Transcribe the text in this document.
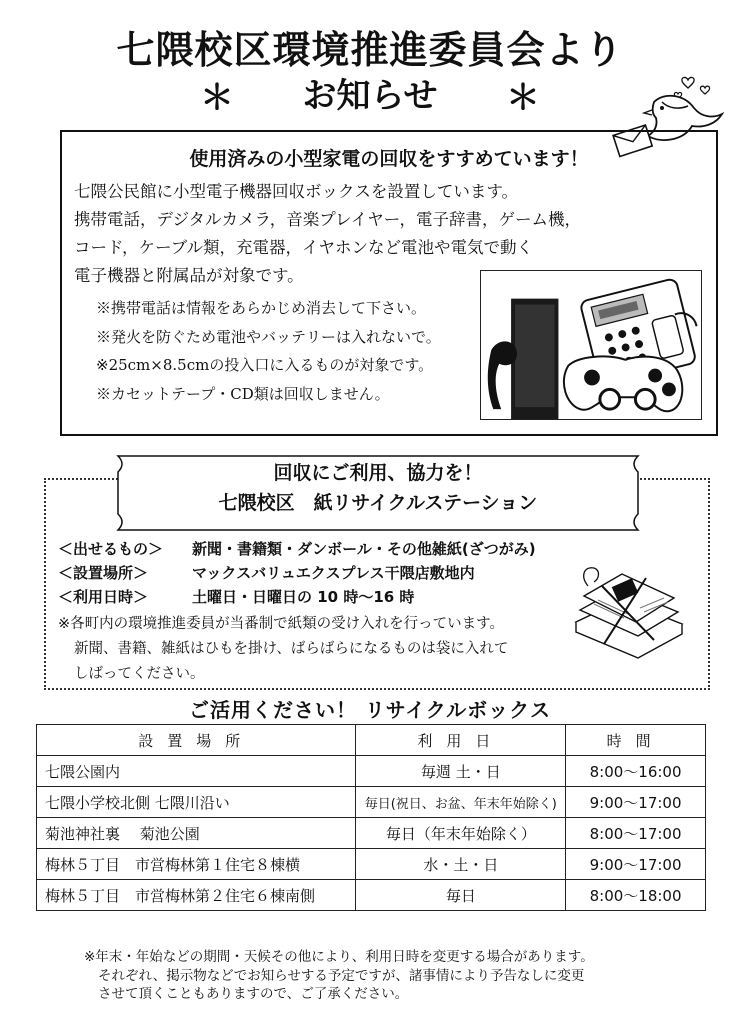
七隈校区環境推進委員会より
＊	お知らせ	＊
使用済みの小型家電の回収をすすめています！
七隈公民館に小型電子機器回収ボックスを設置しています。
携帯電話，デジタルカメラ，音楽プレイヤー，電子辞書，ゲーム機，
コード，ケーブル類，充電器，イヤホンなど電池や電気で動く
電子機器と附属品が対象です。
※携帯電話は情報をあらかじめ消去して下さい。
※発火を防ぐため電池やバッテリーは入れないで。
※25cm×8.5cmの投入口に入るものが対象です。
※カセットテープ・CD類は回収しません。
回収にご利用、協力を！
七隈校区　紙リサイクルステーション
＜出せるもの＞	新聞・書籍類・ダンボール・その他雑紙(ざつがみ)
＜設置場所＞	マックスバリュエクスプレス干隈店敷地内
＜利用日時＞	土曜日・日曜日の 10 時～16 時
※各町内の環境推進委員が当番制で紙類の受け入れを行っています。
新聞、書籍、雑紙はひもを掛け、ばらばらになるものは袋に入れて
しばってください。
ご活用ください！ リサイクルボックス
設置場所	利用日	時間
七隈公園内	毎週 土・日	8:00～16:00
七隈小学校北側 七隈川沿い	毎日(祝日、お盆、年末年始除く)	9:00～17:00
菊池神社裏　 菊池公園	毎日（年末年始除く）	8:00～17:00
梅林５丁目　市営梅林第１住宅８棟横	水・土・日	9:00～17:00
梅林５丁目　市営梅林第２住宅６棟南側	毎日	8:00～18:00
※年末・年始などの期間・天候その他により、利用日時を変更する場合があります。
それぞれ、掲示物などでお知らせする予定ですが、諸事情により予告なしに変更
させて頂くこともありますので、ご了承ください。
